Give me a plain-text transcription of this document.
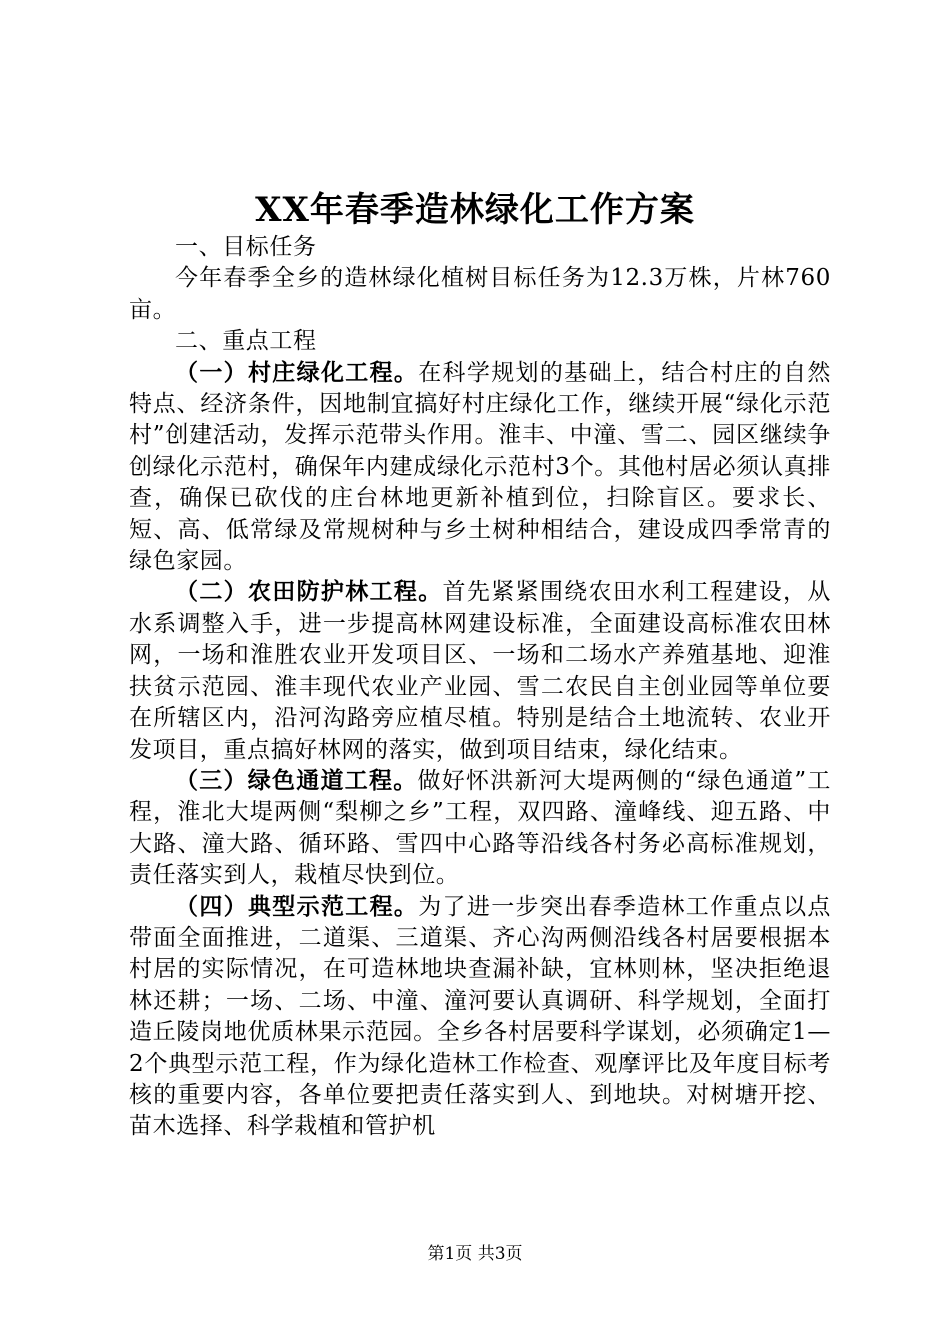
XX年春季造林绿化工作方案

一、目标任务

今年春季全乡的造林绿化植树目标任务为12.3万株，片林760亩。

二、重点工程

（一）村庄绿化工程。在科学规划的基础上，结合村庄的自然特点、经济条件，因地制宜搞好村庄绿化工作，继续开展“绿化示范村”创建活动，发挥示范带头作用。淮丰、中潼、雪二、园区继续争创绿化示范村，确保年内建成绿化示范村3个。其他村居必须认真排查，确保已砍伐的庄台林地更新补植到位，扫除盲区。要求长、短、高、低常绿及常规树种与乡土树种相结合，建设成四季常青的绿色家园。

（二）农田防护林工程。首先紧紧围绕农田水利工程建设，从水系调整入手，进一步提高林网建设标准，全面建设高标准农田林网，一场和淮胜农业开发项目区、一场和二场水产养殖基地、迎淮扶贫示范园、淮丰现代农业产业园、雪二农民自主创业园等单位要在所辖区内，沿河沟路旁应植尽植。特别是结合土地流转、农业开发项目，重点搞好林网的落实，做到项目结束，绿化结束。

（三）绿色通道工程。做好怀洪新河大堤两侧的“绿色通道”工程，淮北大堤两侧“梨柳之乡”工程，双四路、潼峰线、迎五路、中大路、潼大路、循环路、雪四中心路等沿线各村务必高标准规划，责任落实到人，栽植尽快到位。

（四）典型示范工程。为了进一步突出春季造林工作重点以点带面全面推进，二道渠、三道渠、齐心沟两侧沿线各村居要根据本村居的实际情况，在可造林地块查漏补缺，宜林则林，坚决拒绝退林还耕；一场、二场、中潼、潼河要认真调研、科学规划，全面打造丘陵岗地优质林果示范园。全乡各村居要科学谋划，必须确定1—2个典型示范工程，作为绿化造林工作检查、观摩评比及年度目标考核的重要内容，各单位要把责任落实到人、到地块。对树塘开挖、苗木选择、科学栽植和管护机

第1页 共3页
